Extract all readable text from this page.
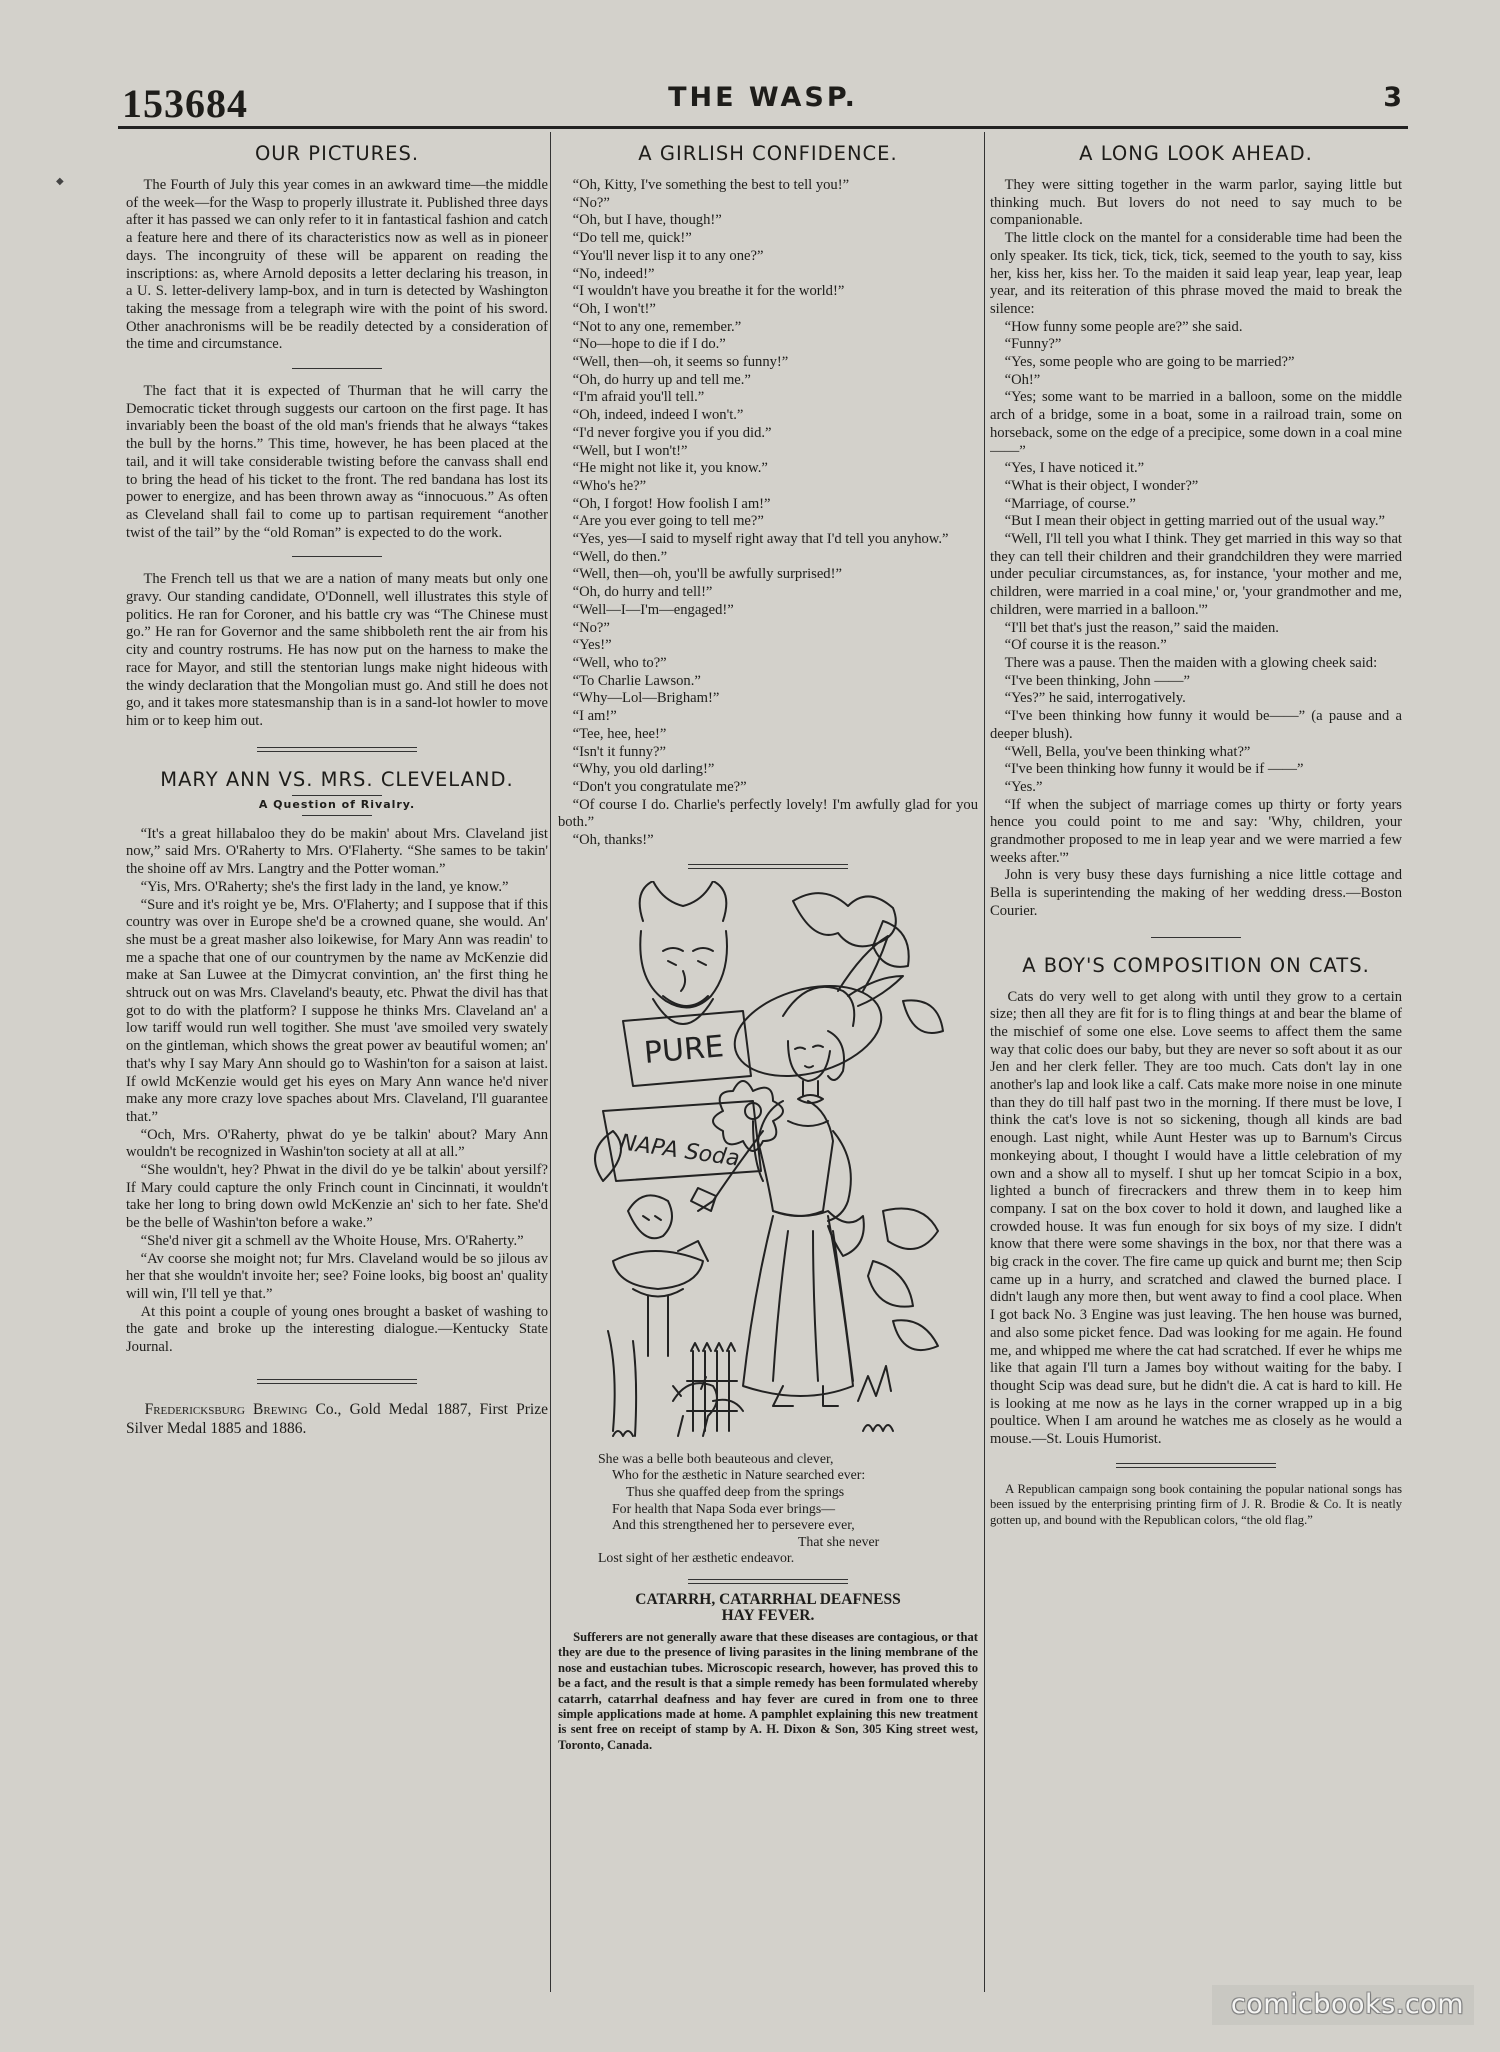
◆
153684	THE WASP.	3
OUR PICTURES.

The Fourth of July this year comes in an awkward time—the middle of the week—for the Wasp to properly illustrate it. Published three days after it has passed we can only refer to it in fantastical fashion and catch a feature here and there of its characteristics now as well as in pioneer days. The incongruity of these will be apparent on reading the inscriptions: as, where Arnold deposits a letter declaring his treason, in a U. S. letter-delivery lamp-box, and in turn is detected by Washington taking the message from a telegraph wire with the point of his sword. Other anachronisms will be be readily detected by a consideration of the time and circumstance.

The fact that it is expected of Thurman that he will carry the Democratic ticket through suggests our cartoon on the first page. It has invariably been the boast of the old man's friends that he always “takes the bull by the horns.” This time, however, he has been placed at the tail, and it will take considerable twisting before the canvass shall end to bring the head of his ticket to the front. The red bandana has lost its power to energize, and has been thrown away as “innocuous.” As often as Cleveland shall fail to come up to partisan requirement “another twist of the tail” by the “old Roman” is expected to do the work.

The French tell us that we are a nation of many meats but only one gravy. Our standing candidate, O'Donnell, well illustrates this style of politics. He ran for Coroner, and his battle cry was “The Chinese must go.” He ran for Governor and the same shibboleth rent the air from his city and country rostrums. He has now put on the harness to make the race for Mayor, and still the stentorian lungs make night hideous with the windy declaration that the Mongolian must go. And still he does not go, and it takes more statesmanship than is in a sand-lot howler to move him or to keep him out.

MARY ANN VS. MRS. CLEVELAND.
A Question of Rivalry.

“It's a great hillabaloo they do be makin' about Mrs. Claveland jist now,” said Mrs. O'Raherty to Mrs. O'Flaherty. “She sames to be takin' the shoine off av Mrs. Langtry and the Potter woman.”

“Yis, Mrs. O'Raherty; she's the first lady in the land, ye know.”

“Sure and it's roight ye be, Mrs. O'Flaherty; and I suppose that if this country was over in Europe she'd be a crowned quane, she would. An' she must be a great masher also loikewise, for Mary Ann was readin' to me a spache that one of our countrymen by the name av McKenzie did make at San Luwee at the Dimycrat convintion, an' the first thing he shtruck out on was Mrs. Claveland's beauty, etc. Phwat the divil has that got to do with the platform? I suppose he thinks Mrs. Claveland an' a low tariff would run well togither. She must 'ave smoiled very swately on the gintleman, which shows the great power av beautiful women; an' that's why I say Mary Ann should go to Washin'ton for a saison at laist. If owld McKenzie would get his eyes on Mary Ann wance he'd niver make any more crazy love spaches about Mrs. Claveland, I'll guarantee that.”

“Och, Mrs. O'Raherty, phwat do ye be talkin' about? Mary Ann wouldn't be recognized in Washin'ton society at all at all.”

“She wouldn't, hey? Phwat in the divil do ye be talkin' about yersilf? If Mary could capture the only Frinch count in Cincinnati, it wouldn't take her long to bring down owld McKenzie an' sich to her fate. She'd be the belle of Washin'ton before a wake.”

“She'd niver git a schmell av the Whoite House, Mrs. O'Raherty.”

“Av coorse she moight not; fur Mrs. Claveland would be so jilous av her that she wouldn't invoite her; see? Foine looks, big boost an' quality will win, I'll tell ye that.”

At this point a couple of young ones brought a basket of washing to the gate and broke up the interesting dialogue.—Kentucky State Journal.

Fredericksburg Brewing Co., Gold Medal 1887, First Prize Silver Medal 1885 and 1886.

A GIRLISH CONFIDENCE.

“Oh, Kitty, I've something the best to tell you!”

“No?”

“Oh, but I have, though!”

“Do tell me, quick!”

“You'll never lisp it to any one?”

“No, indeed!”

“I wouldn't have you breathe it for the world!”

“Oh, I won't!”

“Not to any one, remember.”

“No—hope to die if I do.”

“Well, then—oh, it seems so funny!”

“Oh, do hurry up and tell me.”

“I'm afraid you'll tell.”

“Oh, indeed, indeed I won't.”

“I'd never forgive you if you did.”

“Well, but I won't!”

“He might not like it, you know.”

“Who's he?”

“Oh, I forgot! How foolish I am!”

“Are you ever going to tell me?”

“Yes, yes—I said to myself right away that I'd tell you anyhow.”

“Well, do then.”

“Well, then—oh, you'll be awfully surprised!”

“Oh, do hurry and tell!”

“Well—I—I'm—engaged!”

“No?”

“Yes!”

“Well, who to?”

“To Charlie Lawson.”

“Why—Lol—Brigham!”

“I am!”

“Tee, hee, hee!”

“Isn't it funny?”

“Why, you old darling!”

“Don't you congratulate me?”

“Of course I do. Charlie's perfectly lovely! I'm awfully glad for you both.”

“Oh, thanks!”

PURE
NAPA Soda
She was a belle both beauteous and clever,
Who for the æsthetic in Nature searched ever:
Thus she quaffed deep from the springs
For health that Napa Soda ever brings—
And this strengthened her to persevere ever,
That she never
Lost sight of her æsthetic endeavor.
CATARRH, CATARRHAL DEAFNESS
HAY FEVER.

Sufferers are not generally aware that these diseases are contagious, or that they are due to the presence of living parasites in the lining membrane of the nose and eustachian tubes. Microscopic research, however, has proved this to be a fact, and the result is that a simple remedy has been formulated whereby catarrh, catarrhal deafness and hay fever are cured in from one to three simple applications made at home. A pamphlet explaining this new treatment is sent free on receipt of stamp by A. H. Dixon & Son, 305 King street west, Toronto, Canada.

A LONG LOOK AHEAD.

They were sitting together in the warm parlor, saying little but thinking much. But lovers do not need to say much to be companionable.

The little clock on the mantel for a considerable time had been the only speaker. Its tick, tick, tick, tick, seemed to the youth to say, kiss her, kiss her, kiss her. To the maiden it said leap year, leap year, leap year, and its reiteration of this phrase moved the maid to break the silence:

“How funny some people are?” she said.

“Funny?”

“Yes, some people who are going to be married?”

“Oh!”

“Yes; some want to be married in a balloon, some on the middle arch of a bridge, some in a boat, some in a railroad train, some on horseback, some on the edge of a precipice, some down in a coal mine ——”

“Yes, I have noticed it.”

“What is their object, I wonder?”

“Marriage, of course.”

“But I mean their object in getting married out of the usual way.”

“Well, I'll tell you what I think. They get married in this way so that they can tell their children and their grandchildren they were married under peculiar circumstances, as, for instance, 'your mother and me, children, were married in a coal mine,' or, 'your grandmother and me, children, were married in a balloon.'”

“I'll bet that's just the reason,” said the maiden.

“Of course it is the reason.”

There was a pause. Then the maiden with a glowing cheek said:

“I've been thinking, John ——”

“Yes?” he said, interrogatively.

“I've been thinking how funny it would be——” (a pause and a deeper blush).

“Well, Bella, you've been thinking what?”

“I've been thinking how funny it would be if ——”

“Yes.”

“If when the subject of marriage comes up thirty or forty years hence you could point to me and say: 'Why, children, your grandmother proposed to me in leap year and we were married a few weeks after.'”

John is very busy these days furnishing a nice little cottage and Bella is superintending the making of her wedding dress.—Boston Courier.

A BOY'S COMPOSITION ON CATS.

Cats do very well to get along with until they grow to a certain size; then all they are fit for is to fling things at and bear the blame of the mischief of some one else. Love seems to affect them the same way that colic does our baby, but they are never so soft about it as our Jen and her clerk feller. They are too much. Cats don't lay in one another's lap and look like a calf. Cats make more noise in one minute than they do till half past two in the morning. If there must be love, I think the cat's love is not so sickening, though all kinds are bad enough. Last night, while Aunt Hester was up to Barnum's Circus monkeying about, I thought I would have a little celebration of my own and a show all to myself. I shut up her tomcat Scipio in a box, lighted a bunch of firecrackers and threw them in to keep him company. I sat on the box cover to hold it down, and laughed like a crowded house. It was fun enough for six boys of my size. I didn't know that there were some shavings in the box, nor that there was a big crack in the cover. The fire came up quick and burnt me; then Scip came up in a hurry, and scratched and clawed the burned place. I didn't laugh any more then, but went away to find a cool place. When I got back No. 3 Engine was just leaving. The hen house was burned, and also some picket fence. Dad was looking for me again. He found me, and whipped me where the cat had scratched. If ever he whips me like that again I'll turn a James boy without waiting for the baby. I thought Scip was dead sure, but he didn't die. A cat is hard to kill. He is looking at me now as he lays in the corner wrapped up in a big poultice. When I am around he watches me as closely as he would a mouse.—St. Louis Humorist.

A Republican campaign song book containing the popular national songs has been issued by the enterprising printing firm of J. R. Brodie & Co. It is neatly gotten up, and bound with the Republican colors, “the old flag.”

comicbooks.com
